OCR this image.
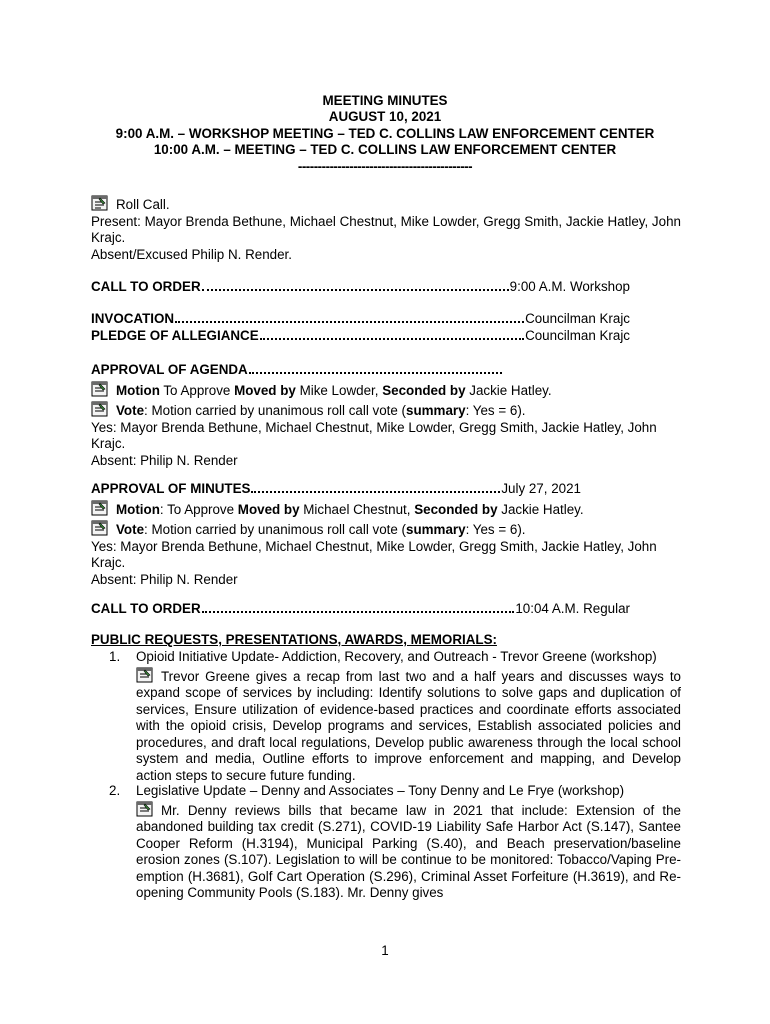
MEETING MINUTES
AUGUST 10, 2021
9:00 A.M. – WORKSHOP MEETING – TED C. COLLINS LAW ENFORCEMENT CENTER
10:00 A.M. – MEETING – TED C. COLLINS LAW ENFORCEMENT CENTER
--------------------------------------------
Roll Call.
Present: Mayor Brenda Bethune, Michael Chestnut, Mike Lowder, Gregg Smith, Jackie Hatley, John Krajc.
Absent/Excused Philip N. Render.
CALL TO ORDER	9:00 A.M. Workshop
INVOCATION	Councilman Krajc
PLEDGE OF ALLEGIANCE	Councilman Krajc
APPROVAL OF AGENDA
Motion To Approve Moved by Mike Lowder, Seconded by Jackie Hatley.
Vote: Motion carried by unanimous roll call vote (summary: Yes = 6).
Yes: Mayor Brenda Bethune, Michael Chestnut, Mike Lowder, Gregg Smith, Jackie Hatley, John Krajc.
Absent: Philip N. Render
APPROVAL OF MINUTES	July 27, 2021
Motion: To Approve Moved by Michael Chestnut, Seconded by Jackie Hatley.
Vote: Motion carried by unanimous roll call vote (summary: Yes = 6).
Yes: Mayor Brenda Bethune, Michael Chestnut, Mike Lowder, Gregg Smith, Jackie Hatley, John Krajc.
Absent: Philip N. Render
CALL TO ORDER	10:04 A.M. Regular
PUBLIC REQUESTS, PRESENTATIONS, AWARDS, MEMORIALS:
1. Opioid Initiative Update- Addiction, Recovery, and Outreach - Trevor Greene (workshop)
Trevor Greene gives a recap from last two and a half years and discusses ways to expand scope of services by including: Identify solutions to solve gaps and duplication of services, Ensure utilization of evidence-based practices and coordinate efforts associated with the opioid crisis, Develop programs and services, Establish associated policies and procedures, and draft local regulations, Develop public awareness through the local school system and media, Outline efforts to improve enforcement and mapping, and Develop action steps to secure future funding.
2. Legislative Update – Denny and Associates – Tony Denny and Le Frye (workshop)
Mr. Denny reviews bills that became law in 2021 that include: Extension of the abandoned building tax credit (S.271), COVID-19 Liability Safe Harbor Act (S.147), Santee Cooper Reform (H.3194), Municipal Parking (S.40), and Beach preservation/baseline erosion zones (S.107). Legislation to will be continue to be monitored: Tobacco/Vaping Pre-emption (H.3681), Golf Cart Operation (S.296), Criminal Asset Forfeiture (H.3619), and Re-opening Community Pools (S.183). Mr. Denny gives
1
